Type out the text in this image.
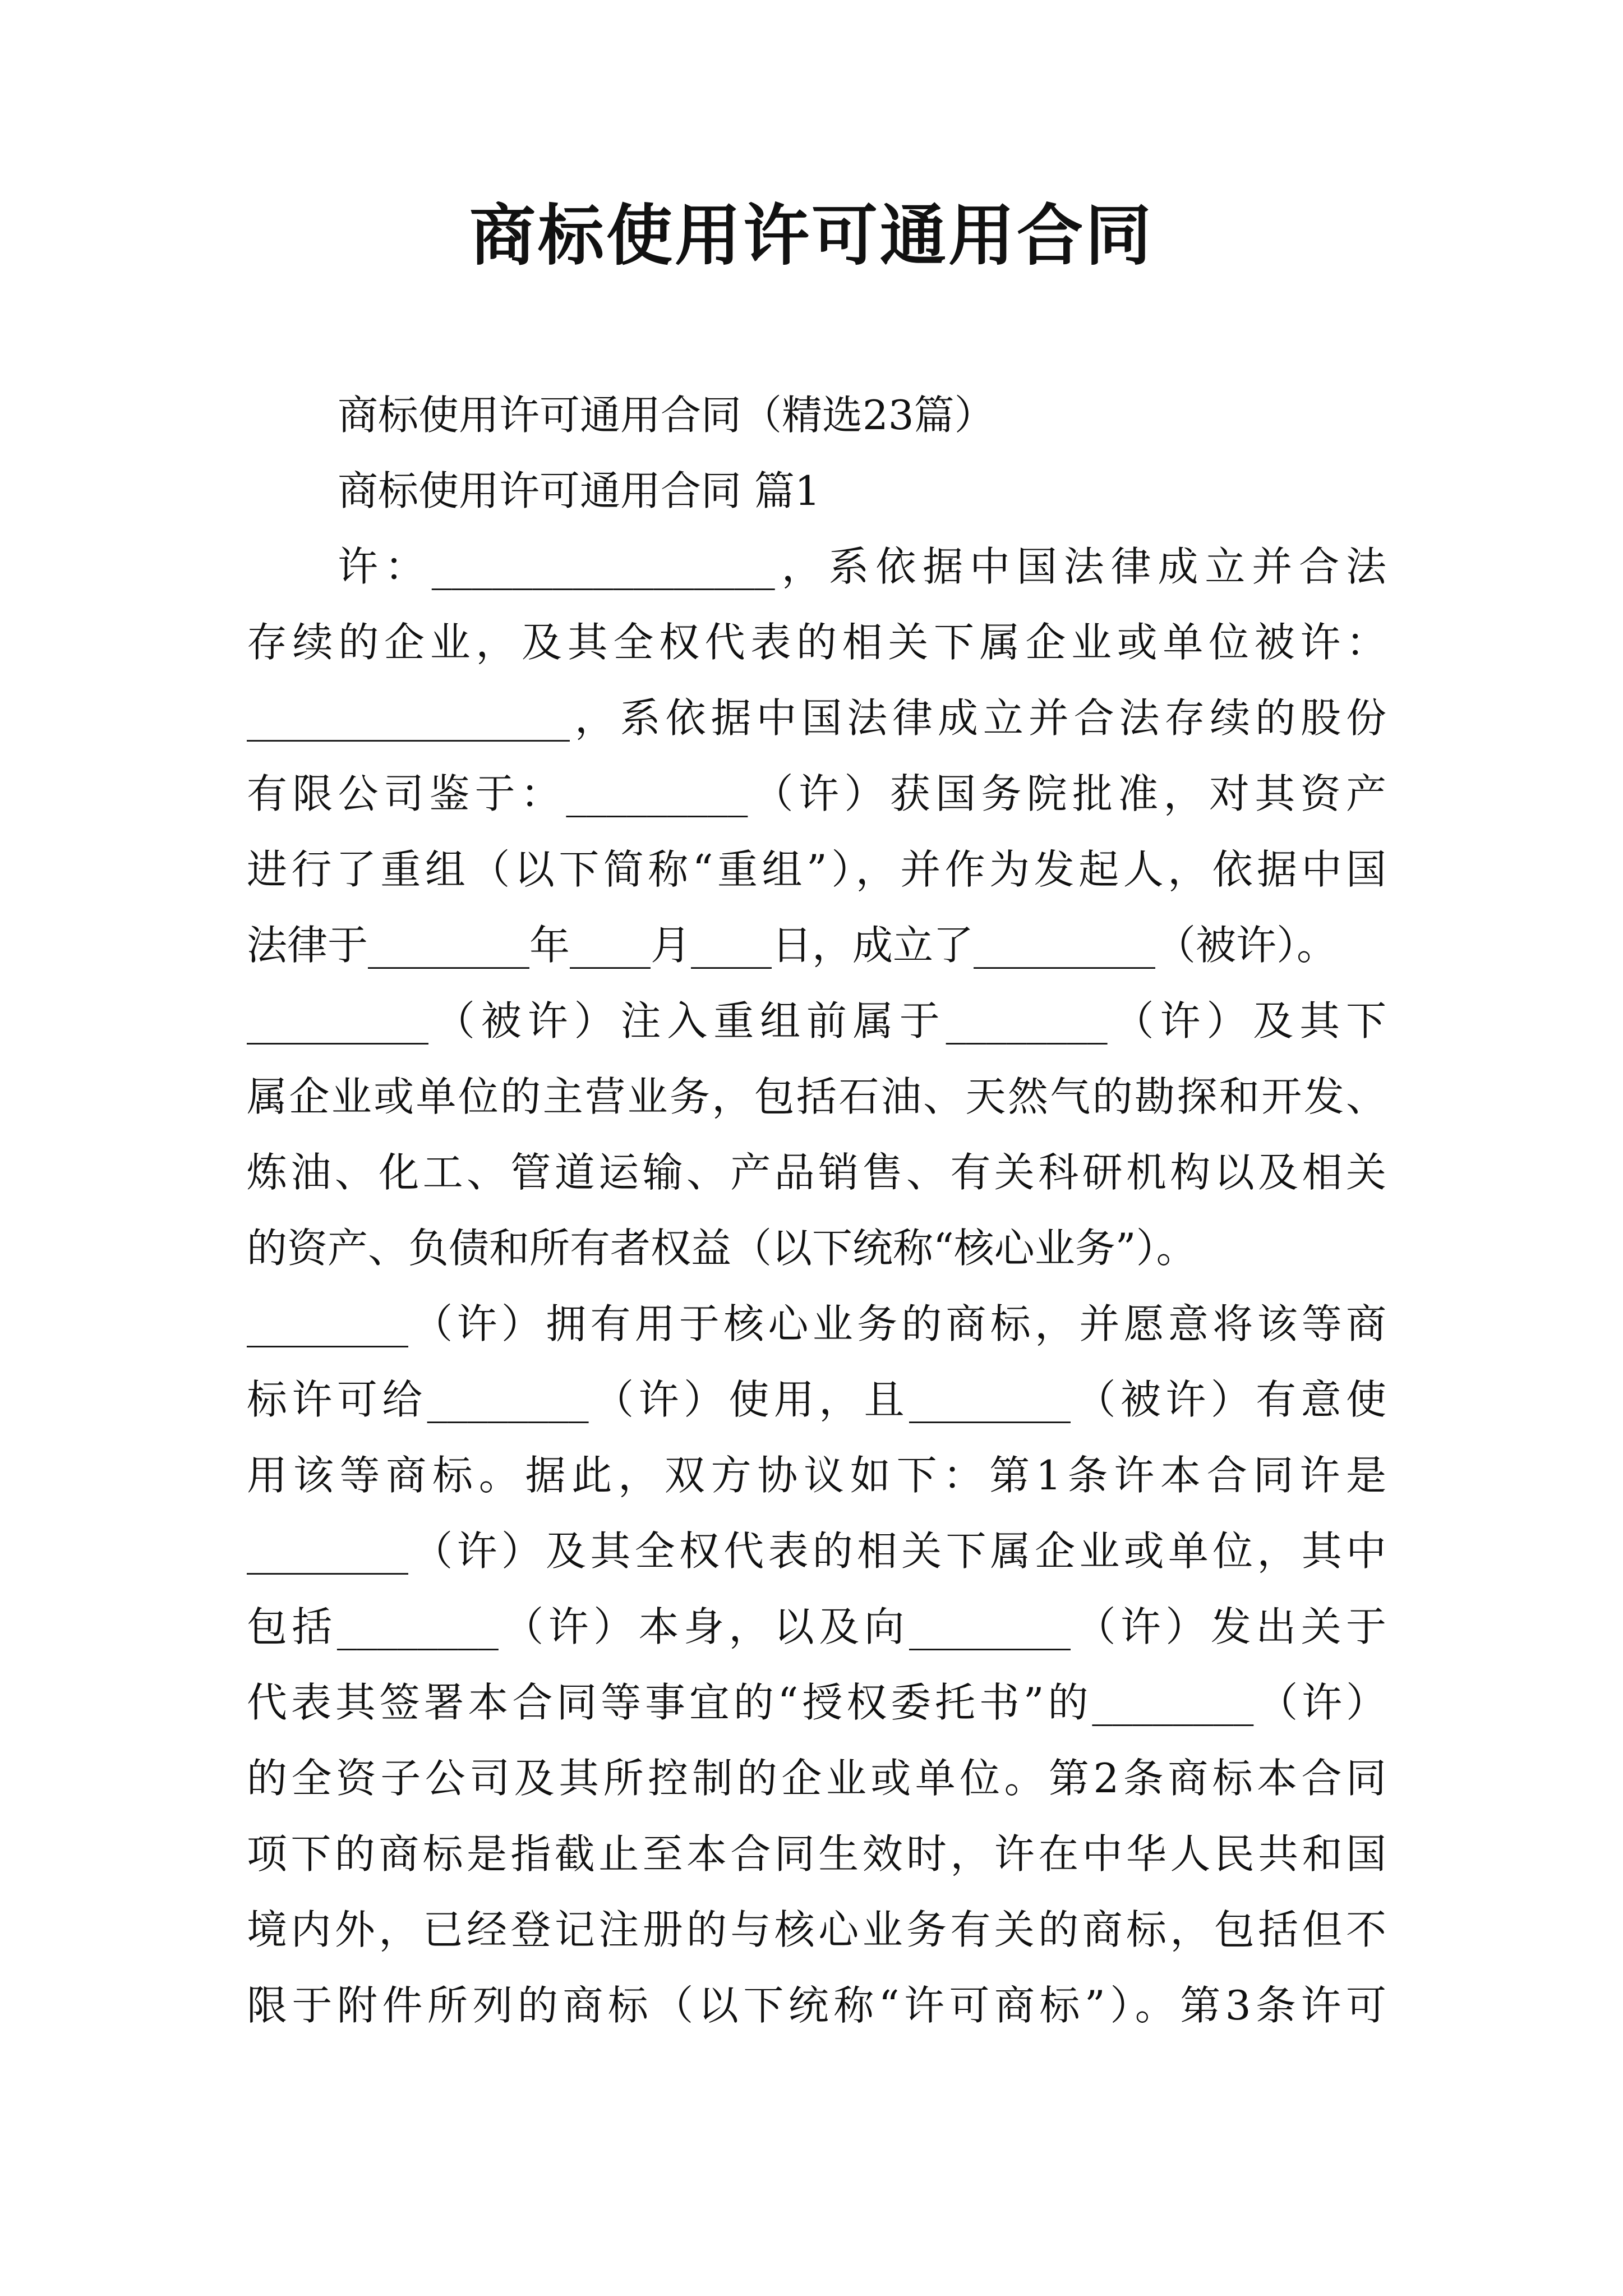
商标使用许可通用合同
商标使用许可通用合同（精选23篇）
商标使用许可通用合同 篇1
许：_________________，系依据中国法律成立并合法
存续的企业，及其全权代表的相关下属企业或单位被许：
________________，系依据中国法律成立并合法存续的股份
有限公司鉴于：_________（许）获国务院批准，对其资产
进行了重组（以下简称“重组”），并作为发起人，依据中国
法律于________年____月____日，成立了_________（被许）。
_________（被许）注入重组前属于________（许）及其下
属企业或单位的主营业务，包括石油、天然气的勘探和开发、
炼油、化工、管道运输、产品销售、有关科研机构以及相关
的资产、负债和所有者权益（以下统称“核心业务”）。
________（许）拥有用于核心业务的商标，并愿意将该等商
标许可给________（许）使用，且________（被许）有意使
用该等商标。据此，双方协议如下：第1条许本合同许是
________（许）及其全权代表的相关下属企业或单位，其中
包括________（许）本身，以及向________（许）发出关于
代表其签署本合同等事宜的“授权委托书”的________（许）
的全资子公司及其所控制的企业或单位。第2条商标本合同
项下的商标是指截止至本合同生效时，许在中华人民共和国
境内外，已经登记注册的与核心业务有关的商标，包括但不
限于附件所列的商标（以下统称“许可商标”）。第3条许可
